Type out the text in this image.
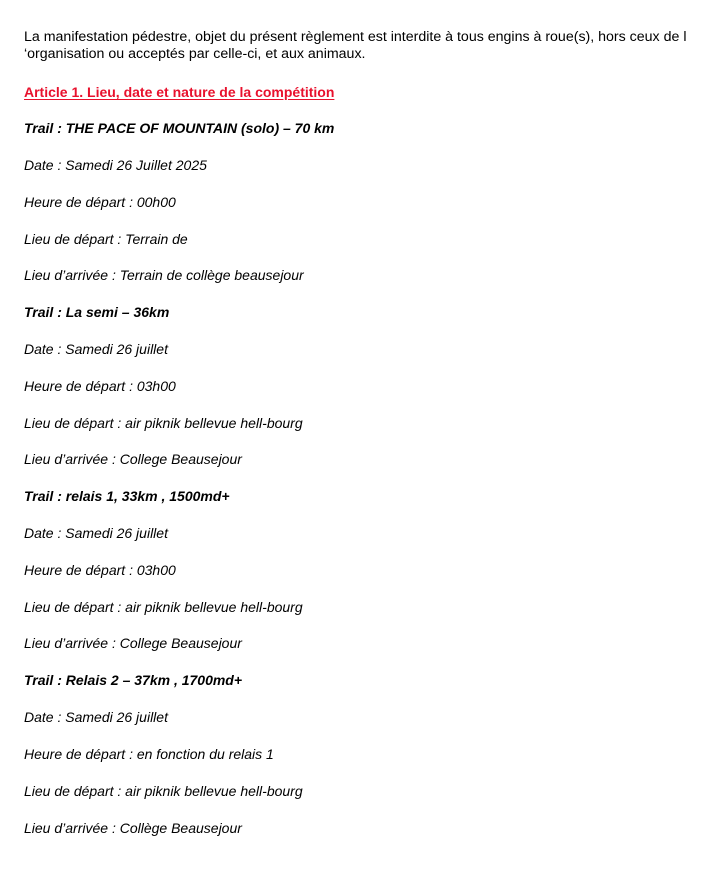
La manifestation pédestre, objet du présent règlement est interdite à tous engins à roue(s), hors ceux de l ‘organisation ou acceptés par celle-ci, et aux animaux.

Article 1. Lieu, date et nature de la compétition

Trail : THE PACE OF MOUNTAIN (solo) – 70 km

Date : Samedi 26 Juillet 2025

Heure de départ : 00h00

Lieu de départ : Terrain de

Lieu d’arrivée : Terrain de collège beausejour

Trail : La semi – 36km

Date : Samedi 26 juillet

Heure de départ : 03h00

Lieu de départ : air piknik bellevue hell-bourg

Lieu d’arrivée : College Beausejour

Trail : relais 1, 33km , 1500md+

Date : Samedi 26 juillet

Heure de départ : 03h00

Lieu de départ : air piknik bellevue hell-bourg

Lieu d’arrivée : College Beausejour

Trail : Relais 2 – 37km , 1700md+

Date : Samedi 26 juillet

Heure de départ : en fonction du relais 1

Lieu de départ : air piknik bellevue hell-bourg

Lieu d’arrivée : Collège Beausejour
